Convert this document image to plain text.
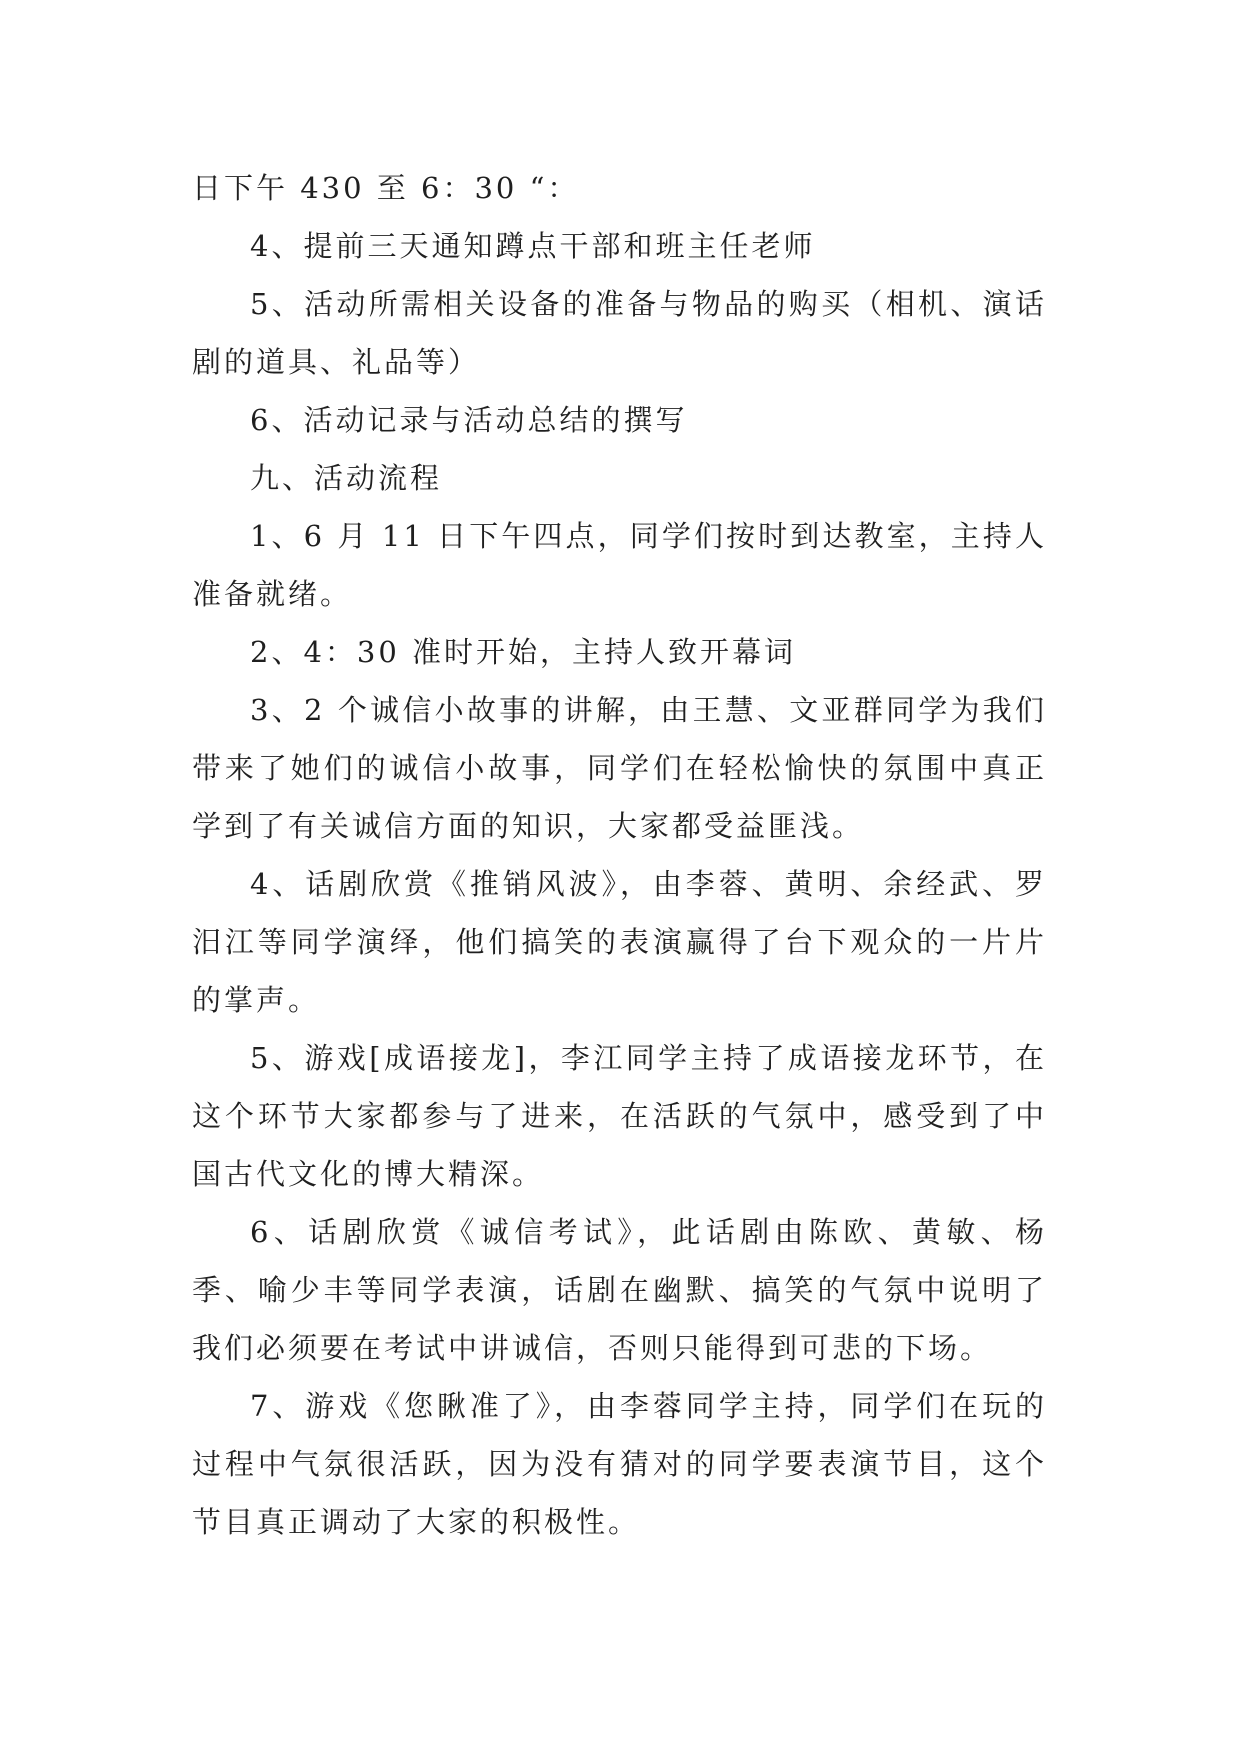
日下午 430 至 6：30 “：

4、提前三天通知蹲点干部和班主任老师

5、活动所需相关设备的准备与物品的购买（相机、演话剧的道具、礼品等）

6、活动记录与活动总结的撰写

九、活动流程

1、6 月 11 日下午四点，同学们按时到达教室，主持人准备就绪。

2、4：30 准时开始，主持人致开幕词

3、2 个诚信小故事的讲解，由王慧、文亚群同学为我们带来了她们的诚信小故事，同学们在轻松愉快的氛围中真正学到了有关诚信方面的知识，大家都受益匪浅。

4、话剧欣赏《推销风波》，由李蓉、黄明、余经武、罗汨江等同学演绎，他们搞笑的表演赢得了台下观众的一片片的掌声。

5、游戏[成语接龙]，李江同学主持了成语接龙环节，在这个环节大家都参与了进来，在活跃的气氛中，感受到了中国古代文化的博大精深。

6、话剧欣赏《诚信考试》，此话剧由陈欧、黄敏、杨季、喻少丰等同学表演，话剧在幽默、搞笑的气氛中说明了我们必须要在考试中讲诚信，否则只能得到可悲的下场。

7、游戏《您瞅准了》，由李蓉同学主持，同学们在玩的过程中气氛很活跃，因为没有猜对的同学要表演节目，这个节目真正调动了大家的积极性。
